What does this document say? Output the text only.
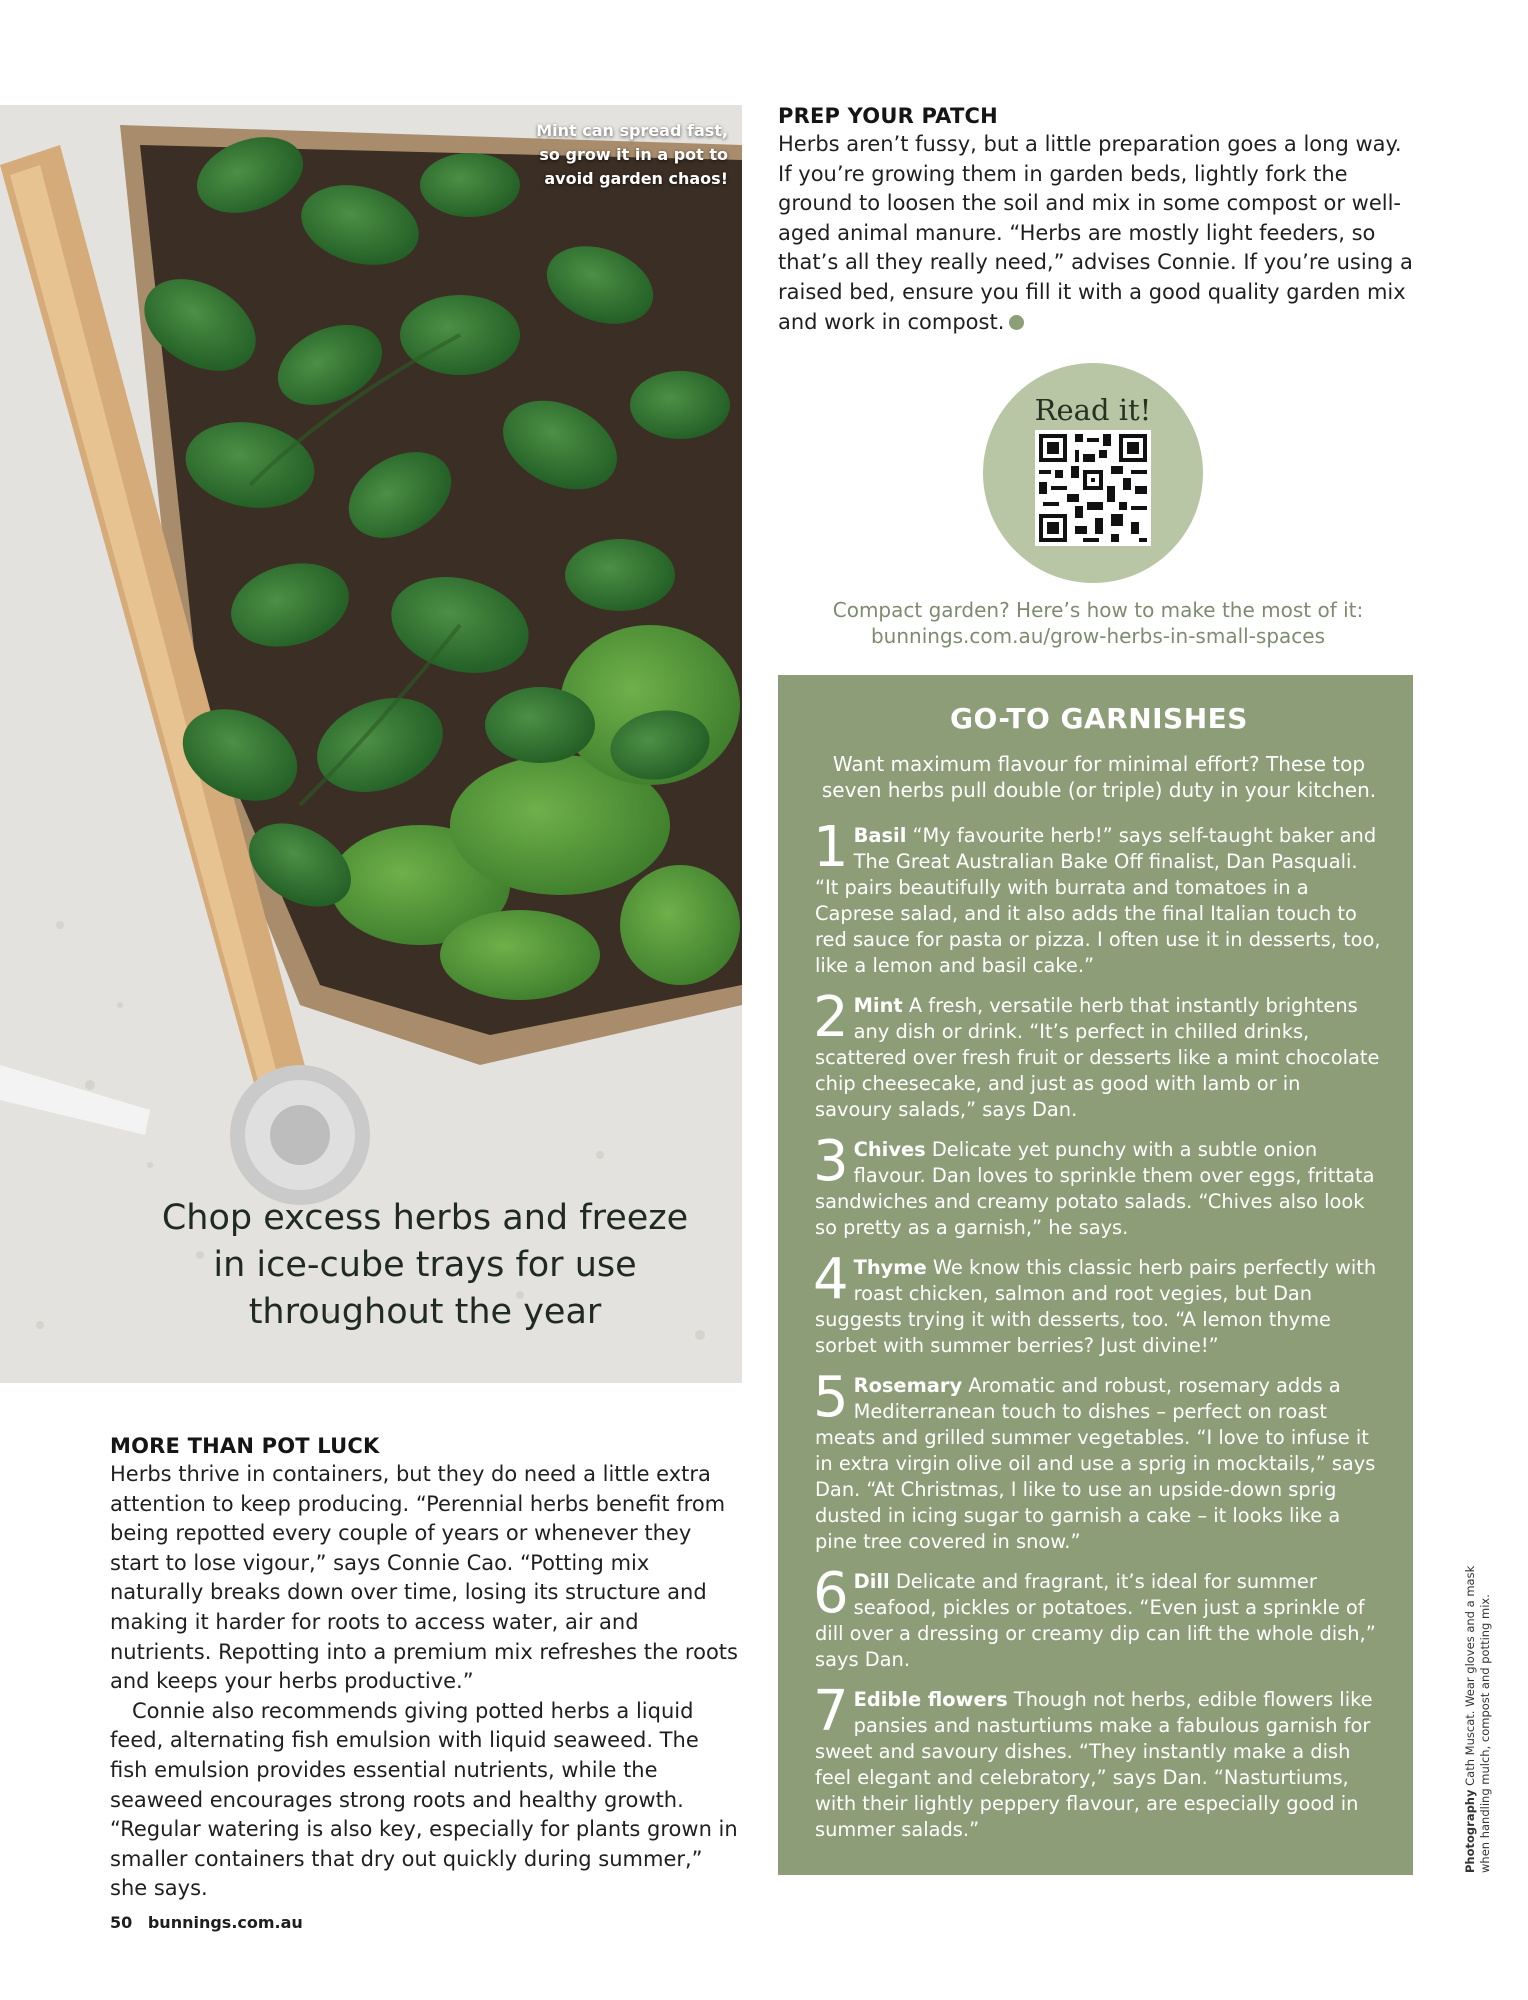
Mint can spread fast, so grow it in a pot to avoid garden chaos!
Chop excess herbs and freeze in ice-cube trays for use throughout the year
MORE THAN POT LUCK

Herbs thrive in containers, but they do need a little extra attention to keep producing. “Perennial herbs benefit from being repotted every couple of years or whenever they start to lose vigour,” says Connie Cao. “Potting mix naturally breaks down over time, losing its structure and making it harder for roots to access water, air and nutrients. Repotting into a premium mix refreshes the roots and keeps your herbs productive.”

Connie also recommends giving potted herbs a liquid feed, alternating fish emulsion with liquid seaweed. The fish emulsion provides essential nutrients, while the seaweed encourages strong roots and healthy growth. “Regular watering is also key, especially for plants grown in smaller containers that dry out quickly during summer,” she says.

PREP YOUR PATCH

Herbs aren’t fussy, but a little preparation goes a long way. If you’re growing them in garden beds, lightly fork the ground to loosen the soil and mix in some compost or well-aged animal manure. “Herbs are mostly light feeders, so that’s all they really need,” advises Connie. If you’re using a raised bed, ensure you fill it with a good quality garden mix and work in compost.

Read it!
Compact garden? Here’s how to make the most of it:
bunnings.com.au/grow-herbs-in-small-spaces
GO-TO GARNISHES
Want maximum flavour for minimal effort? These top seven herbs pull double (or triple) duty in your kitchen.
1 Basil “My favourite herb!” says self-taught baker and The Great Australian Bake Off finalist, Dan Pasquali. “It pairs beautifully with burrata and tomatoes in a Caprese salad, and it also adds the final Italian touch to red sauce for pasta or pizza. I often use it in desserts, too, like a lemon and basil cake.”
2 Mint A fresh, versatile herb that instantly brightens any dish or drink. “It’s perfect in chilled drinks, scattered over fresh fruit or desserts like a mint chocolate chip cheesecake, and just as good with lamb or in savoury salads,” says Dan.
3 Chives Delicate yet punchy with a subtle onion flavour. Dan loves to sprinkle them over eggs, frittata sandwiches and creamy potato salads. “Chives also look so pretty as a garnish,” he says.
4 Thyme We know this classic herb pairs perfectly with roast chicken, salmon and root vegies, but Dan suggests trying it with desserts, too. “A lemon thyme sorbet with summer berries? Just divine!”
5 Rosemary Aromatic and robust, rosemary adds a Mediterranean touch to dishes – perfect on roast meats and grilled summer vegetables. “I love to infuse it in extra virgin olive oil and use a sprig in mocktails,” says Dan. “At Christmas, I like to use an upside-down sprig dusted in icing sugar to garnish a cake – it looks like a pine tree covered in snow.”
6 Dill Delicate and fragrant, it’s ideal for summer seafood, pickles or potatoes. “Even just a sprinkle of dill over a dressing or creamy dip can lift the whole dish,” says Dan.
7 Edible flowers Though not herbs, edible flowers like pansies and nasturtiums make a fabulous garnish for sweet and savoury dishes. “They instantly make a dish feel elegant and celebratory,” says Dan. “Nasturtiums, with their lightly peppery flavour, are especially good in summer salads.”	Photography Cath Muscat. Wear gloves and a mask when handling mulch, compost and potting mix.
50 bunnings.com.au
